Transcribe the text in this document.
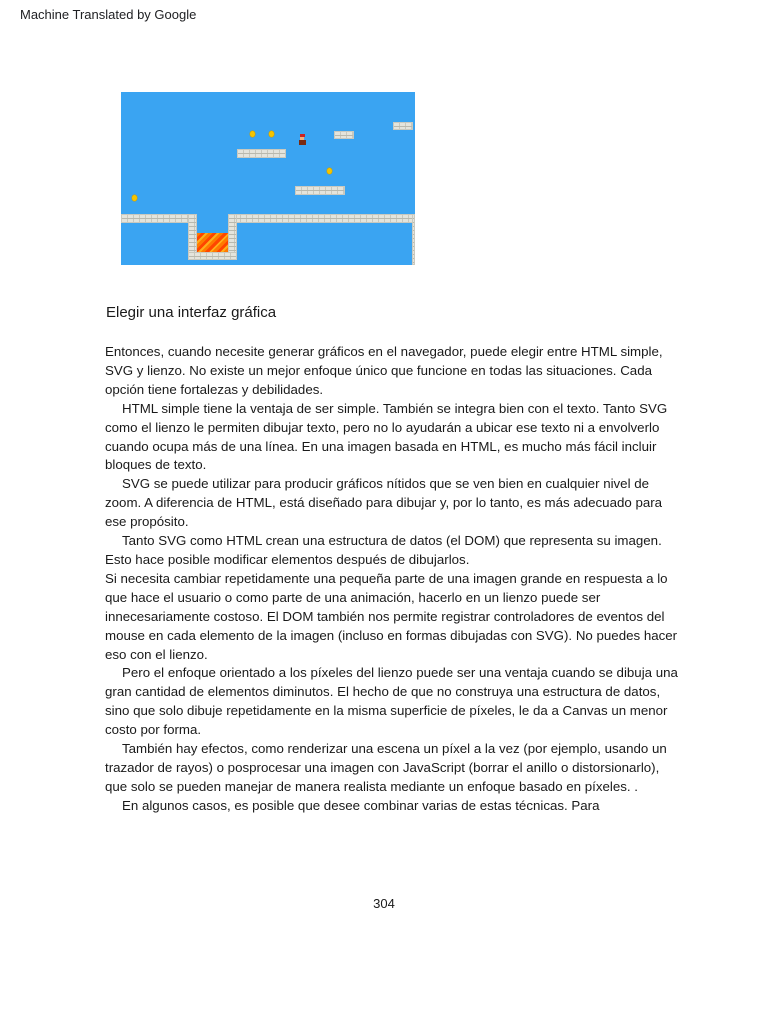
Machine Translated by Google
Elegir una interfaz gráfica

Entonces, cuando necesite generar gráficos en el navegador, puede elegir entre HTML simple, SVG y lienzo. No existe un mejor enfoque único que funcione en todas las situaciones. Cada opción tiene fortalezas y debilidades.

HTML simple tiene la ventaja de ser simple. También se integra bien con el texto. Tanto SVG como el lienzo le permiten dibujar texto, pero no lo ayudarán a ubicar ese texto ni a envolverlo cuando ocupa más de una línea. En una imagen basada en HTML, es mucho más fácil incluir bloques de texto.

SVG se puede utilizar para producir gráficos nítidos que se ven bien en cualquier nivel de zoom. A diferencia de HTML, está diseñado para dibujar y, por lo tanto, es más adecuado para ese propósito.

Tanto SVG como HTML crean una estructura de datos (el DOM) que representa su imagen. Esto hace posible modificar elementos después de dibujarlos.

Si necesita cambiar repetidamente una pequeña parte de una imagen grande en respuesta a lo que hace el usuario o como parte de una animación, hacerlo en un lienzo puede ser innecesariamente costoso. El DOM también nos permite registrar controladores de eventos del mouse en cada elemento de la imagen (incluso en formas dibujadas con SVG). No puedes hacer eso con el lienzo.

Pero el enfoque orientado a los píxeles del lienzo puede ser una ventaja cuando se dibuja una gran cantidad de elementos diminutos. El hecho de que no construya una estructura de datos, sino que solo dibuje repetidamente en la misma superficie de píxeles, le da a Canvas un menor costo por forma.

También hay efectos, como renderizar una escena un píxel a la vez (por ejemplo, usando un trazador de rayos) o posprocesar una imagen con JavaScript (borrar el anillo o distorsionarlo), que solo se pueden manejar de manera realista mediante un enfoque basado en píxeles. .

En algunos casos, es posible que desee combinar varias de estas técnicas. Para

304
